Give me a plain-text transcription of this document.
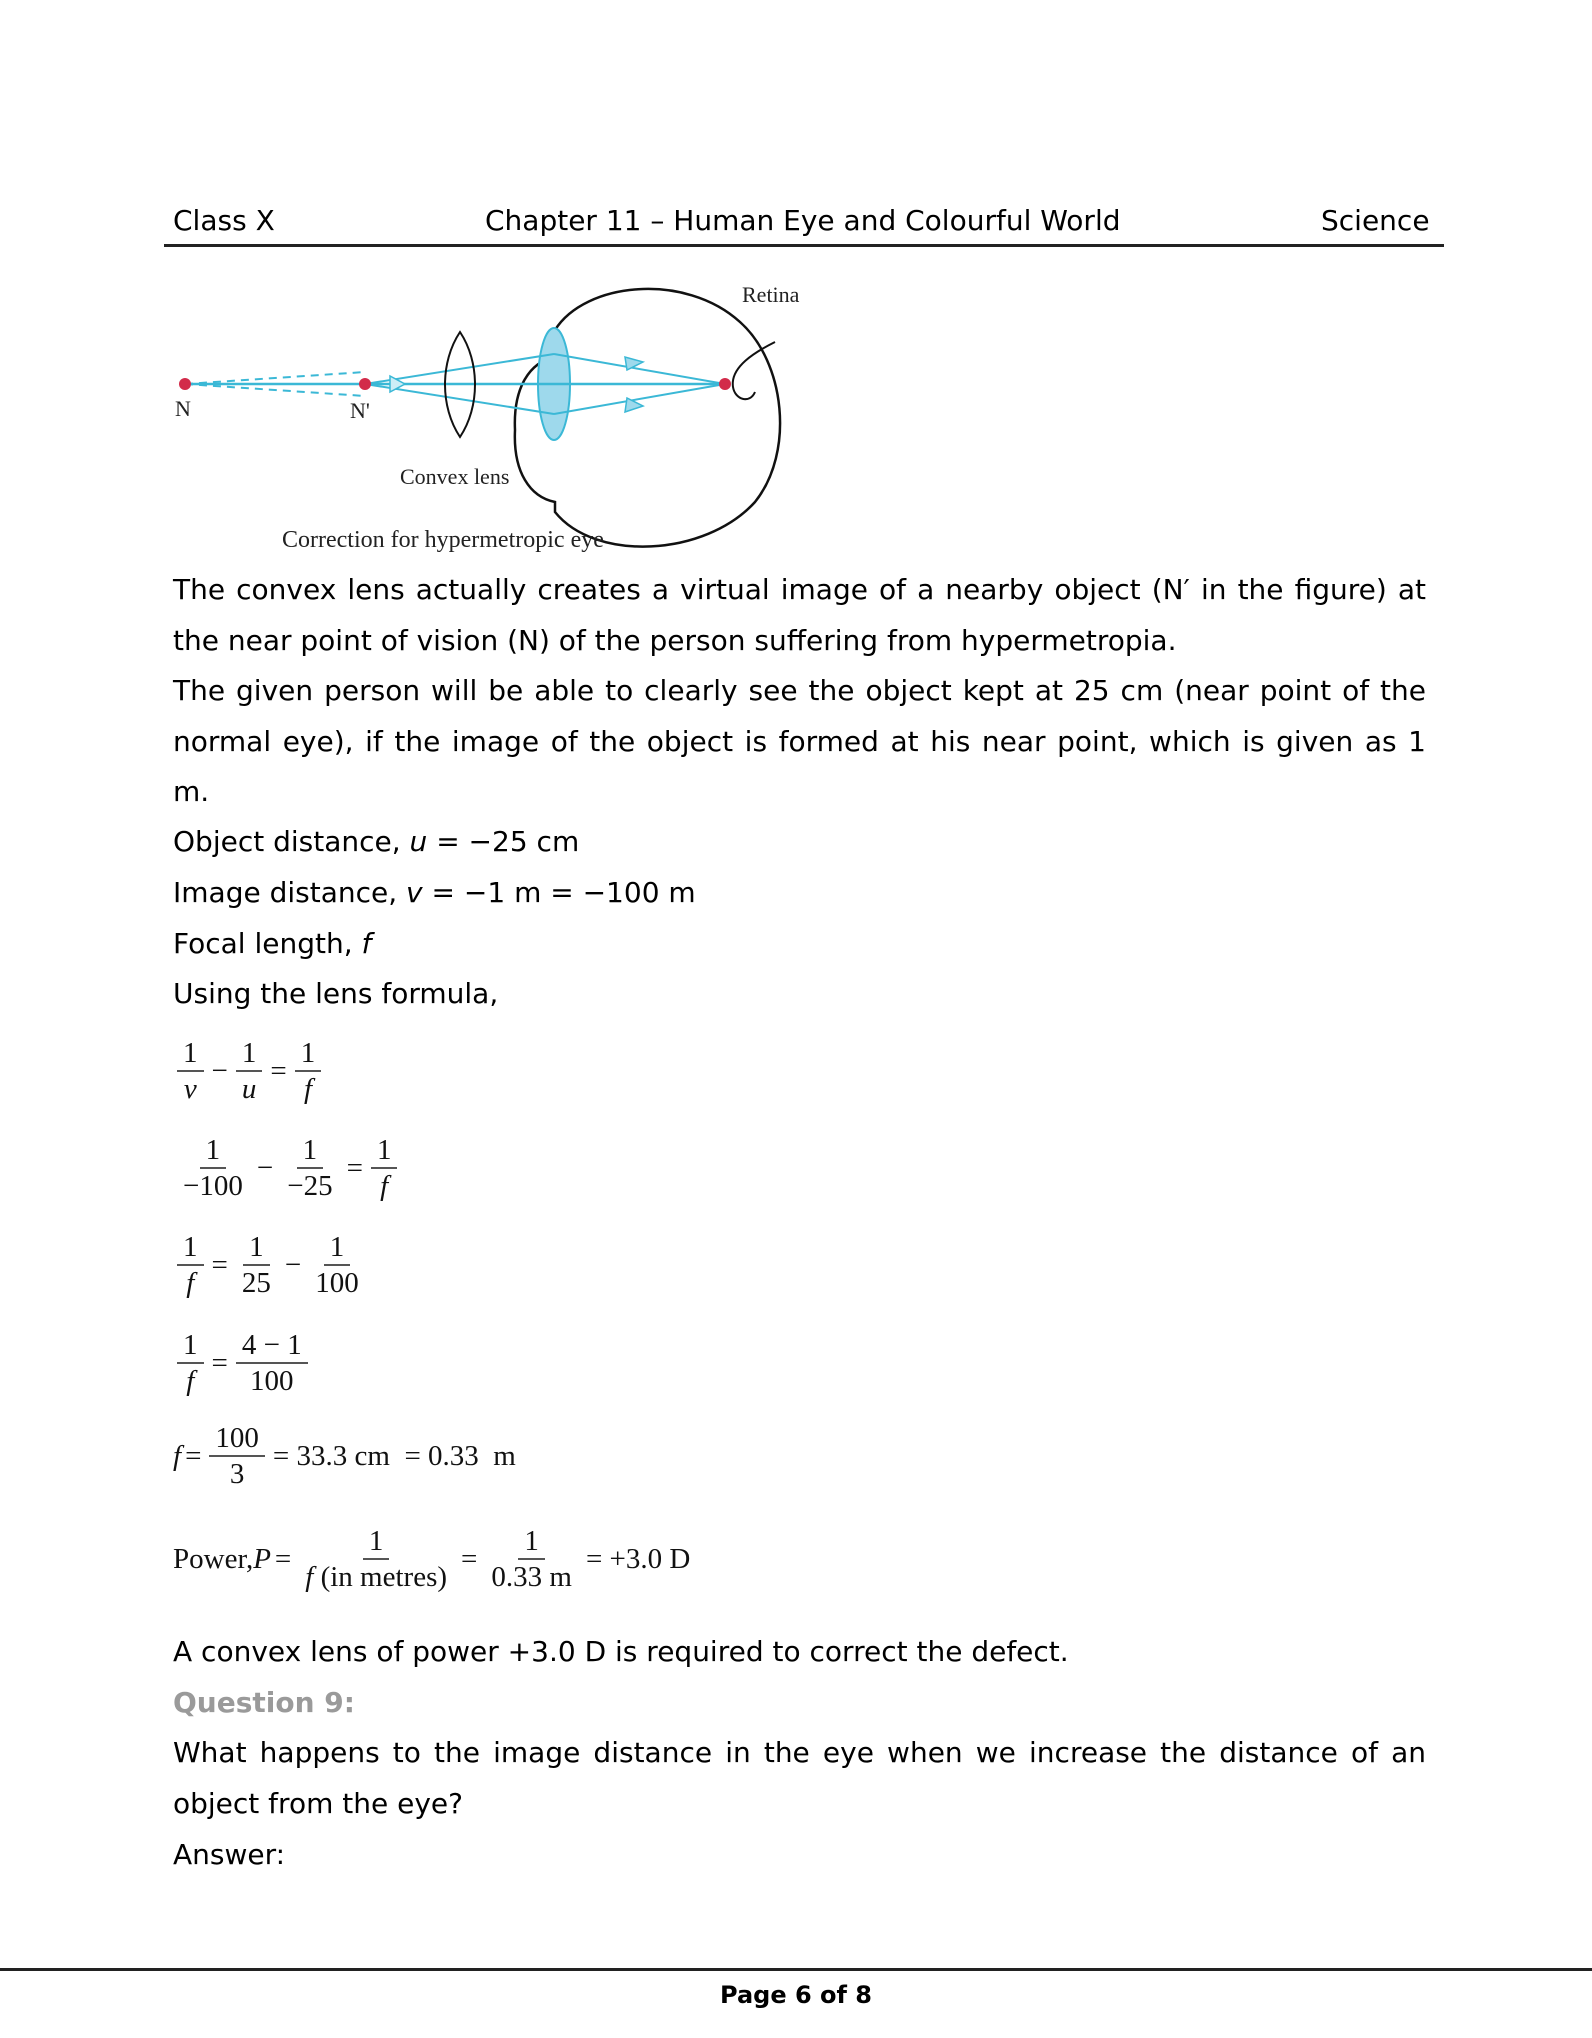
Class X	Chapter 11 – Human Eye and Colourful World	Science
Retina
N	N'
Convex lens
Correction for hypermetropic eye
The convex lens actually creates a virtual image of a nearby object (N′ in the figure) at
the near point of vision (N) of the person suffering from hypermetropia.
The given person will be able to clearly see the object kept at 25 cm (near point of the
normal eye), if the image of the object is formed at his near point, which is given as 1
m.
Object distance, u = −25 cm
Image distance, v = −1 m = −100 m
Focal length, f
Using the lens formula,
$\frac{1}{v} - \frac{1}{u} = \frac{1}{f}$
$\frac{1}{-100} - \frac{1}{-25} = \frac{1}{f}$
$\frac{1}{f} = \frac{1}{25} - \frac{1}{100}$
$\frac{1}{f} = \frac{4 - 1}{100}$
$f = \frac{100}{3} = 33.3$ cm  = 0.33  m
Power, $P = \frac{1}{\text{f (in metres)}} = \frac{1}{0.33 m} = +3.0$ D
A convex lens of power +3.0 D is required to correct the defect.
Question 9:
What happens to the image distance in the eye when we increase the distance of an
object from the eye?
Answer:
Page 6 of 8
